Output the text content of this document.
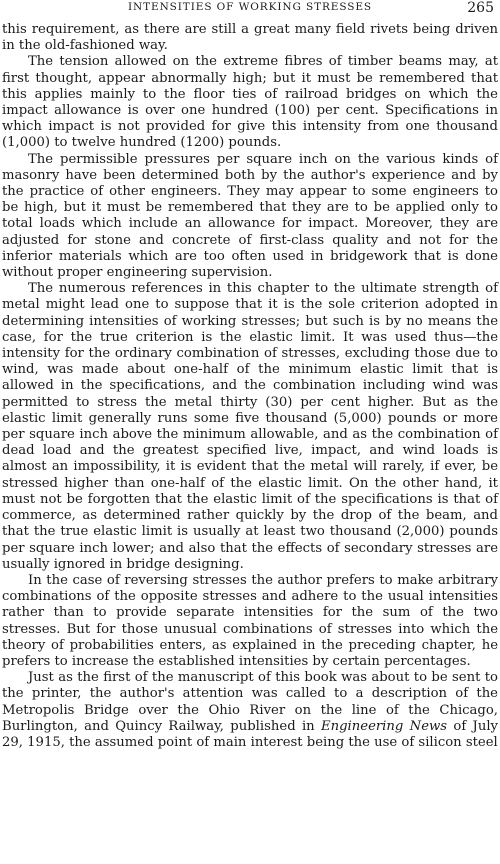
INTENSITIES OF WORKING STRESSES	265

this requirement, as there are still a great many field rivets being driven in the old-fashioned way.

The tension allowed on the extreme fibres of timber beams may, at first thought, appear abnormally high; but it must be remembered that this applies mainly to the floor ties of railroad bridges on which the impact allowance is over one hundred (100) per cent. Specifications in which impact is not provided for give this intensity from one thousand (1,000) to twelve hundred (1200) pounds.

The permissible pressures per square inch on the various kinds of masonry have been determined both by the author's experience and by the practice of other engineers. They may appear to some engineers to be high, but it must be remembered that they are to be applied only to total loads which include an allowance for impact. Moreover, they are adjusted for stone and concrete of first-class quality and not for the inferior materials which are too often used in bridgework that is done without proper engineering supervision.

The numerous references in this chapter to the ultimate strength of metal might lead one to suppose that it is the sole criterion adopted in determining intensities of working stresses; but such is by no means the case, for the true criterion is the elastic limit. It was used thus—the intensity for the ordinary combination of stresses, excluding those due to wind, was made about one-half of the minimum elastic limit that is allowed in the specifications, and the combination including wind was permitted to stress the metal thirty (30) per cent higher. But as the elastic limit generally runs some five thousand (5,000) pounds or more per square inch above the minimum allowable, and as the combination of dead load and the greatest specified live, impact, and wind loads is almost an impossibility, it is evident that the metal will rarely, if ever, be stressed higher than one-half of the elastic limit. On the other hand, it must not be forgotten that the elastic limit of the specifications is that of commerce, as determined rather quickly by the drop of the beam, and that the true elastic limit is usually at least two thousand (2,000) pounds per square inch lower; and also that the effects of secondary stresses are usually ignored in bridge designing.

In the case of reversing stresses the author prefers to make arbitrary combinations of the opposite stresses and adhere to the usual intensities rather than to provide separate intensities for the sum of the two stresses. But for those unusual combinations of stresses into which the theory of probabilities enters, as explained in the preceding chapter, he prefers to increase the established intensities by certain percentages.

Just as the first of the manuscript of this book was about to be sent to the printer, the author's attention was called to a description of the Metropolis Bridge over the Ohio River on the line of the Chicago, Burlington, and Quincy Railway, published in Engineering News of July 29, 1915, the assumed point of main interest being the use of silicon steel
